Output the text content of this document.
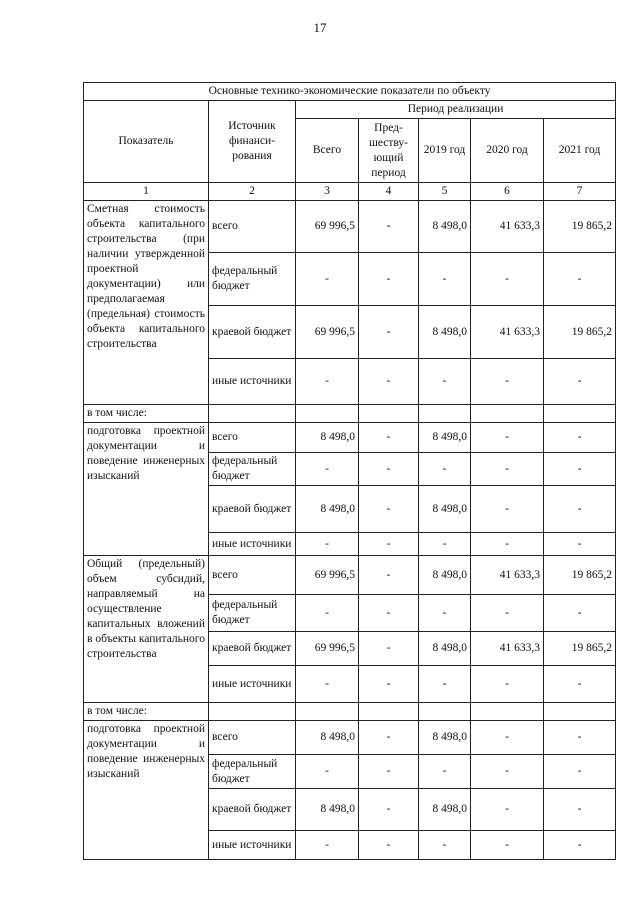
17
Основные технико-экономические показатели по объекту						
Показатель	Источник финанси-рования	Период реализации				
		Всего	Пред-шеству-ющий период	2019 год	2020 год	2021 год
1	2	3	4	5	6	7
Сметная стоимость объекта капитального строительства (при наличии утвержденной проектной документации) или предполагаемая (предельная) стоимость объекта капитального строительства	всего	69 996,5	-	8 498,0	41 633,3	19 865,2
	федеральный бюджет	-	-	-	-	-
	краевой бюджет	69 996,5	-	8 498,0	41 633,3	19 865,2
	иные источники	-	-	-	-	-
в том числе:						
подготовка проектной документации и поведение инженерных изысканий	всего	8 498,0	-	8 498,0	-	-
	федеральный бюджет	-	-	-	-	-
	краевой бюджет	8 498,0	-	8 498,0	-	-
	иные источники	-	-	-	-	-
Общий (предельный) объем субсидий, направляемый на осуществление капитальных вложений в объекты капитального строительства	всего	69 996,5	-	8 498,0	41 633,3	19 865,2
	федеральный бюджет	-	-	-	-	-
	краевой бюджет	69 996,5	-	8 498,0	41 633,3	19 865,2
	иные источники	-	-	-	-	-
в том числе:						
подготовка проектной документации и поведение инженерных изысканий	всего	8 498,0	-	8 498,0	-	-
	федеральный бюджет	-	-	-	-	-
	краевой бюджет	8 498,0	-	8 498,0	-	-
	иные источники	-	-	-	-	-
